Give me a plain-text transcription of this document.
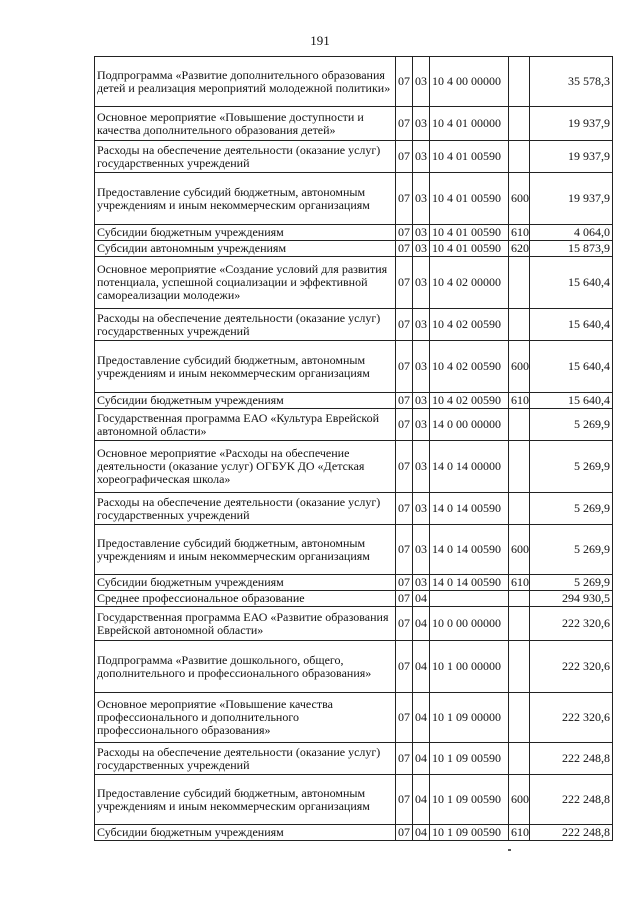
191
Подпрограмма «Развитие дополнительного образования детей и реализация мероприятий молодежной политики»	07	03	10 4 00 00000		35 578,3
Основное мероприятие «Повышение доступности и качества дополнительного образования детей»	07	03	10 4 01 00000		19 937,9
Расходы на обеспечение деятельности (оказание услуг) государственных учреждений	07	03	10 4 01 00590		19 937,9
Предоставление субсидий бюджетным, автономным учреждениям и иным некоммерческим организациям	07	03	10 4 01 00590	600	19 937,9
Субсидии бюджетным учреждениям	07	03	10 4 01 00590	610	4 064,0
Субсидии автономным учреждениям	07	03	10 4 01 00590	620	15 873,9
Основное мероприятие «Создание условий для развития потенциала, успешной социализации и эффективной самореализации молодежи»	07	03	10 4 02 00000		15 640,4
Расходы на обеспечение деятельности (оказание услуг) государственных учреждений	07	03	10 4 02 00590		15 640,4
Предоставление субсидий бюджетным, автономным учреждениям и иным некоммерческим организациям	07	03	10 4 02 00590	600	15 640,4
Субсидии бюджетным учреждениям	07	03	10 4 02 00590	610	15 640,4
Государственная программа ЕАО «Культура Еврейской автономной области»	07	03	14 0 00 00000		5 269,9
Основное мероприятие «Расходы на обеспечение деятельности (оказание услуг) ОГБУК ДО «Детская хореографическая школа»	07	03	14 0 14 00000		5 269,9
Расходы на обеспечение деятельности (оказание услуг) государственных учреждений	07	03	14 0 14 00590		5 269,9
Предоставление субсидий бюджетным, автономным учреждениям и иным некоммерческим организациям	07	03	14 0 14 00590	600	5 269,9
Субсидии бюджетным учреждениям	07	03	14 0 14 00590	610	5 269,9
Среднее профессиональное образование	07	04			294 930,5
Государственная программа ЕАО «Развитие образования Еврейской автономной области»	07	04	10 0 00 00000		222 320,6
Подпрограмма «Развитие дошкольного, общего, дополнительного и профессионального образования»	07	04	10 1 00 00000		222 320,6
Основное мероприятие «Повышение качества профессионального и дополнительного профессионального образования»	07	04	10 1 09 00000		222 320,6
Расходы на обеспечение деятельности (оказание услуг) государственных учреждений	07	04	10 1 09 00590		222 248,8
Предоставление субсидий бюджетным, автономным учреждениям и иным некоммерческим организациям	07	04	10 1 09 00590	600	222 248,8
Субсидии бюджетным учреждениям	07	04	10 1 09 00590	610	222 248,8
